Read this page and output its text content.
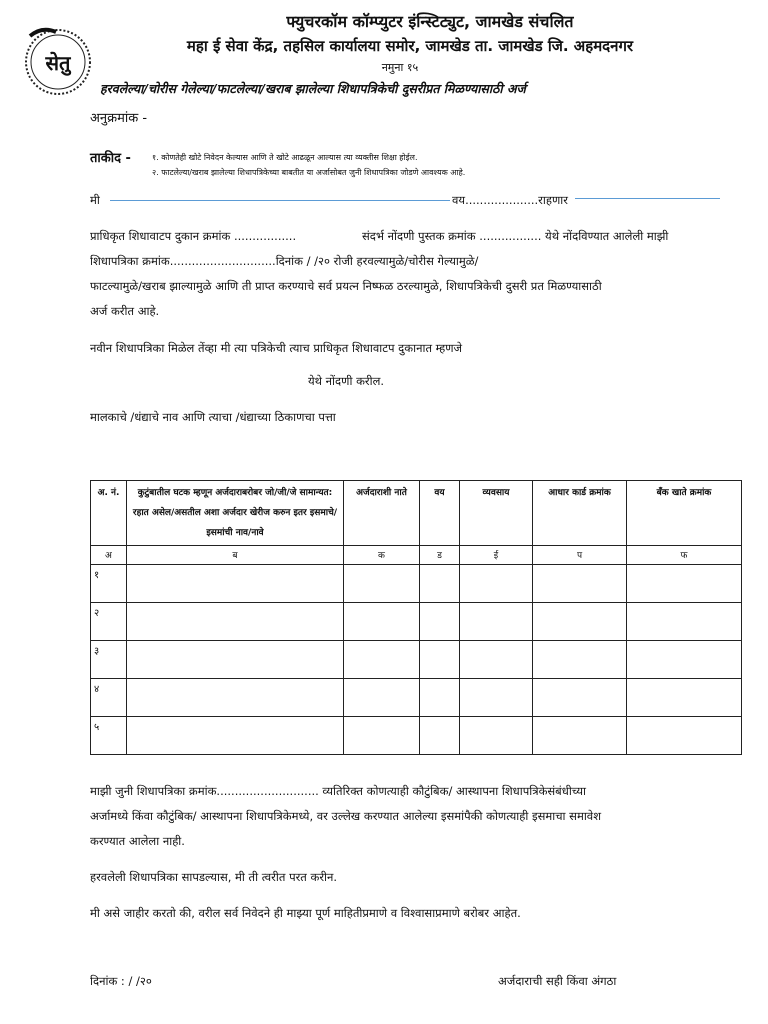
सेतु
फ्युचरकॉम कॉम्प्युटर इंन्स्टिट्युट, जामखेड संचलित
महा ई सेवा केंद्र, तहसिल कार्यालया समोर, जामखेड ता. जामखेड जि. अहमदनगर
नमुना १५
हरवलेल्या/चोरीस गेलेल्या/फाटलेल्या/खराब झालेल्या शिधापत्रिकेची दुसरीप्रत मिळण्यासाठी अर्ज
अनुक्रमांक -
ताकीद -	१. कोणतेही खोटे निवेदन केल्यास आणि ते खोटे आढळून आल्यास त्या व्यक्तीस शिक्षा होईल.
२. फाटलेल्या/खराब झालेल्या शिधापत्रिकेच्या बाबतीत या अर्जासोबत जुनी शिधापत्रिका जोडणे आवश्यक आहे.
मी	वय....................राहणार
प्राधिकृत शिधावाटप दुकान क्रमांक .................	संदर्भ नोंदणी पुस्तक क्रमांक ................. येथे नोंदविण्यात आलेली माझी
शिधापत्रिका क्रमांक.............................दिनांक / /२० रोजी हरवल्यामुळे/चोरीस गेल्यामुळे/
फाटल्यामुळे/खराब झाल्यामुळे आणि ती प्राप्त करण्याचे सर्व प्रयत्न निष्फळ ठरल्यामुळे, शिधापत्रिकेची दुसरी प्रत मिळण्यासाठी
अर्ज करीत आहे.
नवीन शिधापत्रिका मिळेल तेंव्हा मी त्या पत्रिकेची त्याच प्राधिकृत शिधावाटप दुकानात म्हणजे
येथे नोंदणी करील.
मालकाचे /धंद्याचे नाव आणि त्याचा /धंद्याच्या ठिकाणचा पत्ता
अ. नं.	कुटुंबातील घटक म्हणून अर्जदाराबरोबर जो/जी/जे सामान्यत: रहात असेल/असतील अशा अर्जदार खेरीज करुन इतर इसमाचे/इसमांची नाव/नावे	अर्जदाराशी नाते	वय	व्यवसाय	आधार कार्ड क्रमांक	बँक खाते क्रमांक
अ	ब	क	ड	ई	प	फ
१						
२						
३						
४						
५						
माझी जुनी शिधापत्रिका क्रमांक............................ व्यतिरिक्त कोणत्याही कौटुंबिक/ आस्थापना शिधापत्रिकेसंबंधीच्या
अर्जामध्ये किंवा कौटुंबिक/ आस्थापना शिधापत्रिकेमध्ये, वर उल्लेख करण्यात आलेल्या इसमांपैकी कोणत्याही इसमाचा समावेश
करण्यात आलेला नाही.
हरवलेली शिधापत्रिका सापडल्यास, मी ती त्वरीत परत करीन.
मी असे जाहीर करतो की, वरील सर्व निवेदने ही माझ्या पूर्ण माहितीप्रमाणे व विश्वासाप्रमाणे बरोबर आहेत.
दिनांक : / /२०	अर्जदाराची सही किंवा अंगठा
